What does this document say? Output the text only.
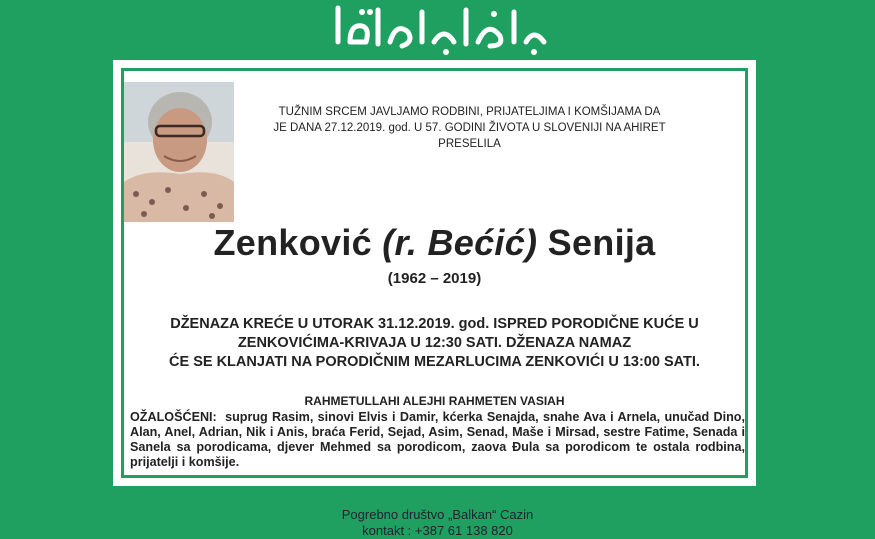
TUŽNIM SRCEM JAVLJAMO RODBINI, PRIJATELJIMA I KOMŠIJAMA DA
JE DANA 27.12.2019. god. U 57. GODINI ŽIVOTA U SLOVENIJI NA AHIRET
PRESELILA
Zenković (r. Bećić) Senija
(1962 – 2019)
DŽENAZA KREĆE U UTORAK 31.12.2019. god. ISPRED PORODIČNE KUĆE U
ZENKOVIĆIMA-KRIVAJA U 12:30 SATI. DŽENAZA NAMAZ
ĆE SE KLANJATI NA PORODIČNIM MEZARLUCIMA ZENKOVIĆI U 13:00 SATI.
RAHMETULLAHI ALEJHI RAHMETEN VASIAH
OŽALOŠĆENI: suprug Rasim, sinovi Elvis i Damir, kćerka Senajda, snahe Ava i Arnela, unučad Dino, Alan, Anel, Adrian, Nik i Anis, braća Ferid, Sejad, Asim, Senad, Maše i Mirsad, sestre Fatime, Senada i Sanela sa porodicama, djever Mehmed sa porodicom, zaova Đula sa porodicom te ostala rodbina, prijatelji i komšije.
Pogrebno društvo „Balkan“ Cazin
kontakt : +387 61 138 820
